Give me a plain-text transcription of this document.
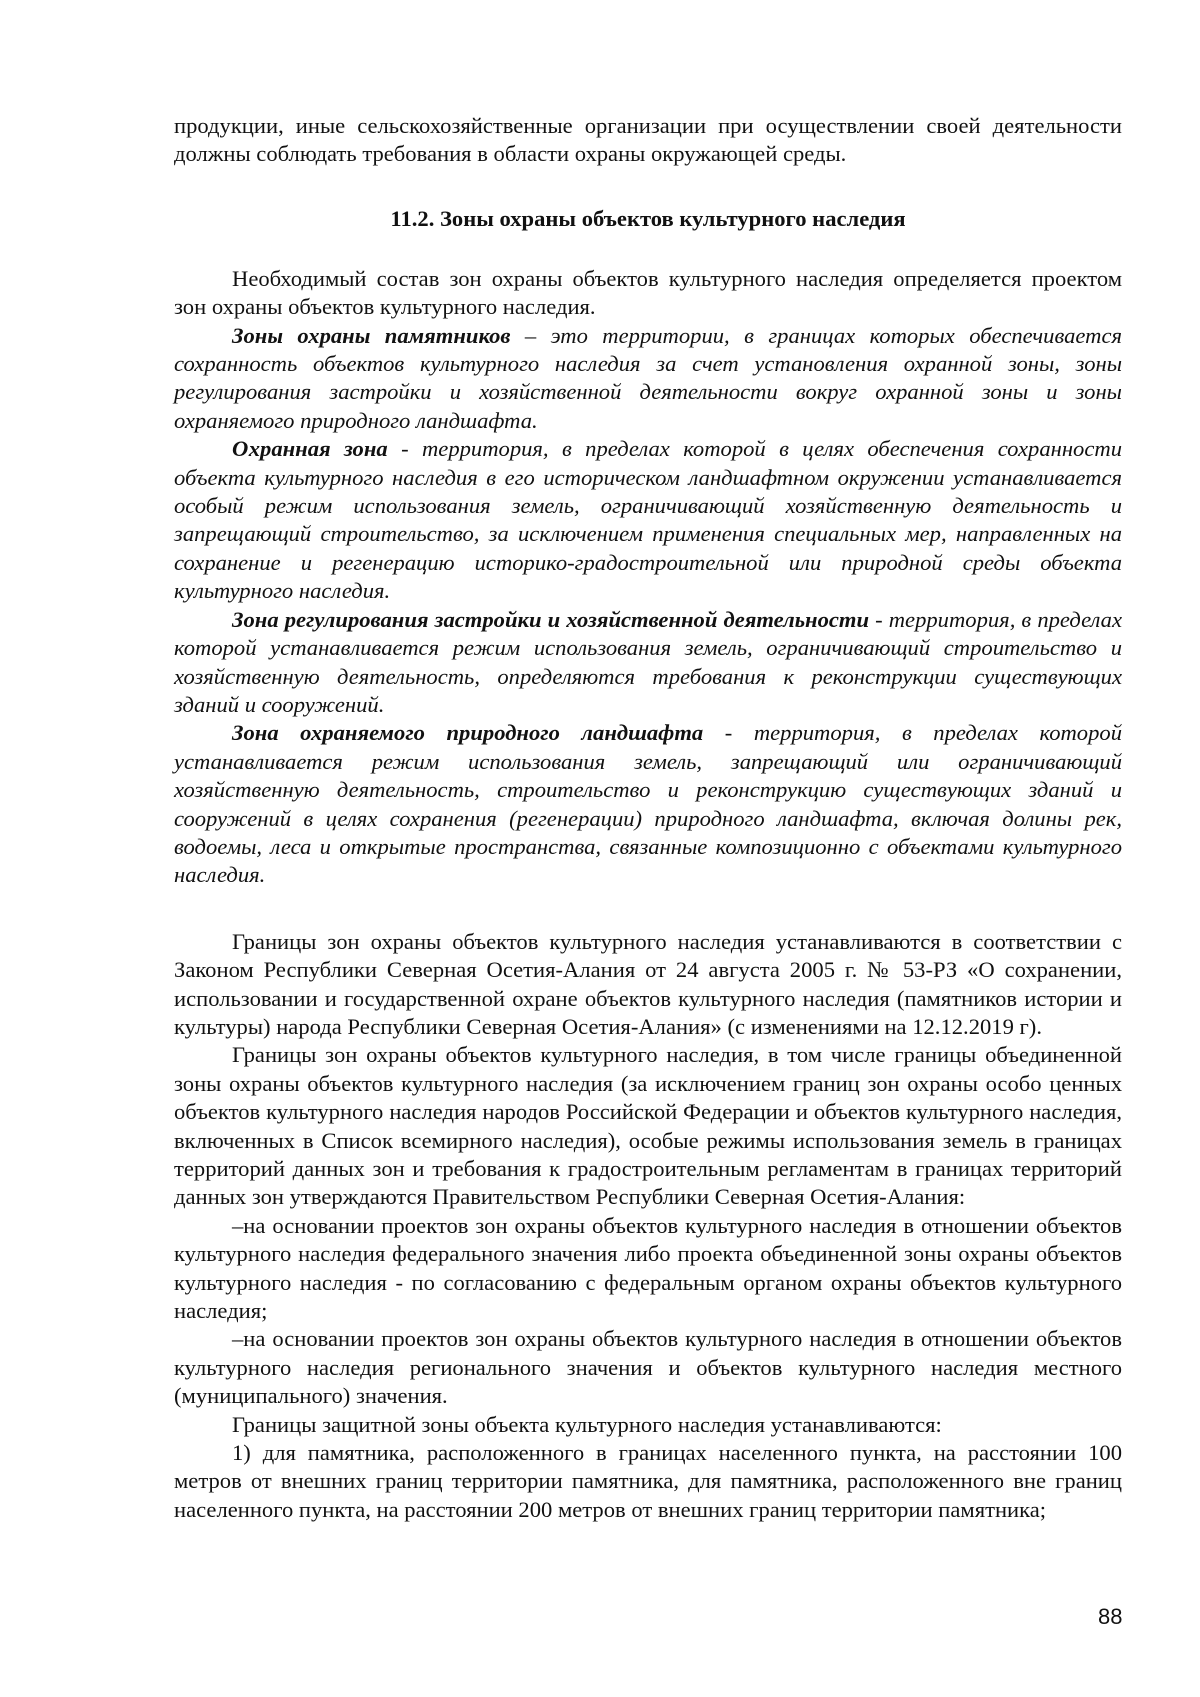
продукции, иные сельскохозяйственные организации при осуществлении своей деятельности должны соблюдать требования в области охраны окружающей среды.

11.2. Зоны охраны объектов культурного наследия

Необходимый состав зон охраны объектов культурного наследия определяется проектом зон охраны объектов культурного наследия.

Зоны охраны памятников – это территории, в границах которых обеспечивается сохранность объектов культурного наследия за счет установления охранной зоны, зоны регулирования застройки и хозяйственной деятельности вокруг охранной зоны и зоны охраняемого природного ландшафта.

Охранная зона - территория, в пределах которой в целях обеспечения сохранности объекта культурного наследия в его историческом ландшафтном окружении устанавливается особый режим использования земель, ограничивающий хозяйственную деятельность и запрещающий строительство, за исключением применения специальных мер, направленных на сохранение и регенерацию историко-градостроительной или природной среды объекта культурного наследия.

Зона регулирования застройки и хозяйственной деятельности - территория, в пределах которой устанавливается режим использования земель, ограничивающий строительство и хозяйственную деятельность, определяются требования к реконструкции существующих зданий и сооружений.

Зона охраняемого природного ландшафта - территория, в пределах которой устанавливается режим использования земель, запрещающий или ограничивающий хозяйственную деятельность, строительство и реконструкцию существующих зданий и сооружений в целях сохранения (регенерации) природного ландшафта, включая долины рек, водоемы, леса и открытые пространства, связанные композиционно с объектами культурного наследия.

Границы зон охраны объектов культурного наследия устанавливаются в соответствии с Законом Республики Северная Осетия-Алания от 24 августа 2005 г. № 53-РЗ «О сохранении, использовании и государственной охране объектов культурного наследия (памятников истории и культуры) народа Республики Северная Осетия-Алания» (с изменениями на 12.12.2019 г).

Границы зон охраны объектов культурного наследия, в том числе границы объединенной зоны охраны объектов культурного наследия (за исключением границ зон охраны особо ценных объектов культурного наследия народов Российской Федерации и объектов культурного наследия, включенных в Список всемирного наследия), особые режимы использования земель в границах территорий данных зон и требования к градостроительным регламентам в границах территорий данных зон утверждаются Правительством Республики Северная Осетия-Алания:

–на основании проектов зон охраны объектов культурного наследия в отношении объектов культурного наследия федерального значения либо проекта объединенной зоны охраны объектов культурного наследия - по согласованию с федеральным органом охраны объектов культурного наследия;

–на основании проектов зон охраны объектов культурного наследия в отношении объектов культурного наследия регионального значения и объектов культурного наследия местного (муниципального) значения.

Границы защитной зоны объекта культурного наследия устанавливаются:

1) для памятника, расположенного в границах населенного пункта, на расстоянии 100 метров от внешних границ территории памятника, для памятника, расположенного вне границ населенного пункта, на расстоянии 200 метров от внешних границ территории памятника;

88
